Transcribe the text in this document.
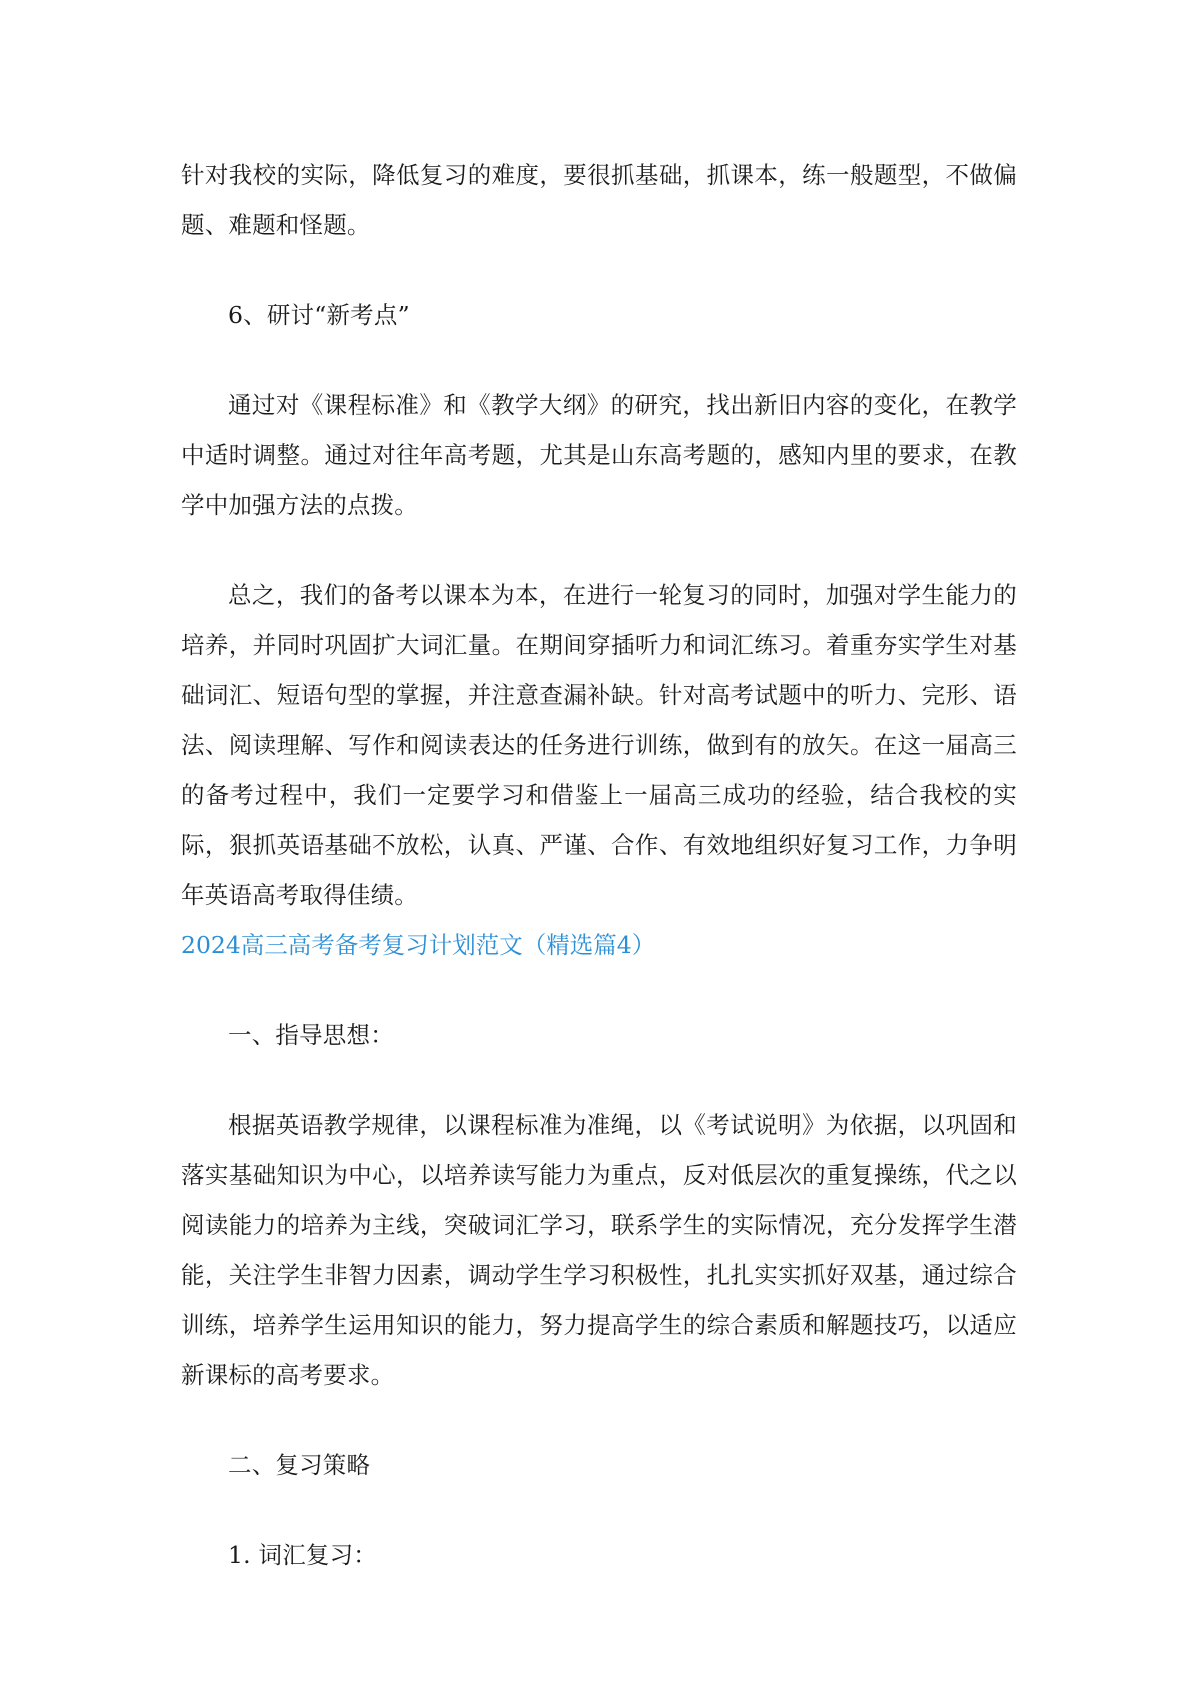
针对我校的实际，降低复习的难度，要很抓基础，抓课本，练一般题型，不做偏题、难题和怪题。

6、研讨“新考点”

通过对《课程标准》和《教学大纲》的研究，找出新旧内容的变化，在教学中适时调整。通过对往年高考题，尤其是山东高考题的，感知内里的要求，在教学中加强方法的点拨。

总之，我们的备考以课本为本，在进行一轮复习的同时，加强对学生能力的培养，并同时巩固扩大词汇量。在期间穿插听力和词汇练习。着重夯实学生对基础词汇、短语句型的掌握，并注意查漏补缺。针对高考试题中的听力、完形、语法、阅读理解、写作和阅读表达的任务进行训练，做到有的放矢。在这一届高三的备考过程中，我们一定要学习和借鉴上一届高三成功的经验，结合我校的实际，狠抓英语基础不放松，认真、严谨、合作、有效地组织好复习工作，力争明年英语高考取得佳绩。

2024高三高考备考复习计划范文（精选篇4）

一、指导思想：

根据英语教学规律，以课程标准为准绳，以《考试说明》为依据，以巩固和落实基础知识为中心，以培养读写能力为重点，反对低层次的重复操练，代之以阅读能力的培养为主线，突破词汇学习，联系学生的实际情况，充分发挥学生潜能，关注学生非智力因素，调动学生学习积极性，扎扎实实抓好双基，通过综合训练，培养学生运用知识的能力，努力提高学生的综合素质和解题技巧，以适应新课标的高考要求。

二、复习策略

1. 词汇复习：
